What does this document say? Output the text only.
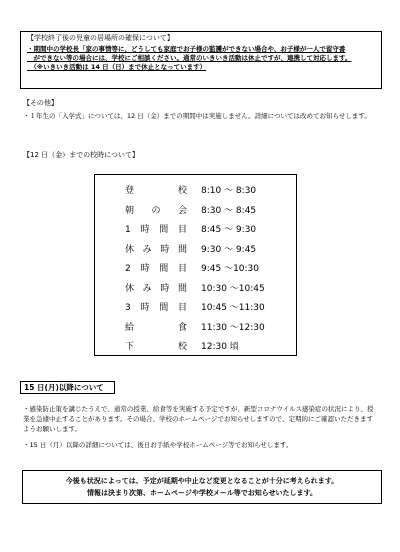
【学校終了後の児童の居場所の確保について】
・期間中の学校長「家の事情等に、どうしても家庭でお子様の監護ができない場合や、お子様が一人で留守番
　ができない等の場合には、学校にご相談ください。通常のいきいき活動は休止ですが、連携して対応します。
　（※いきいき活動は 14 日（日）まで休止となっています）
【その他】
・１年生の「入学式」については、12 日（金）までの期間中は実施しません。詳細については改めてお知らせします。
【12 日（金）までの校時について】
登　校	8:10 〜 8:30
朝の会	8:30 〜 8:45
1時間目	8:45 〜 9:30
休み時間	9:30 〜 9:45
2時間目	9:45 〜10:30
休み時間	10:30 〜10:45
3時間目	10:45 〜11:30
給　食	11:30 〜12:30
下　校	12:30 頃
15 日(月)以降について
・感染防止策を講じたうえで、通常の授業、給食等を実施する予定ですが、新型コロナウイルス感染症の状況により、授業を急遽中止することがあります。その場合、学校のホームページでお知らせしますので、定期的にご確認いただきますようお願いします。
・15 日（月）以降の詳細については、後日お手紙や学校ホームページ等でお知らせします。
今後も状況によっては、予定が延期や中止など変更となることが十分に考えられます。
情報は決まり次第、ホームページや学校メール等でお知らせいたします。
